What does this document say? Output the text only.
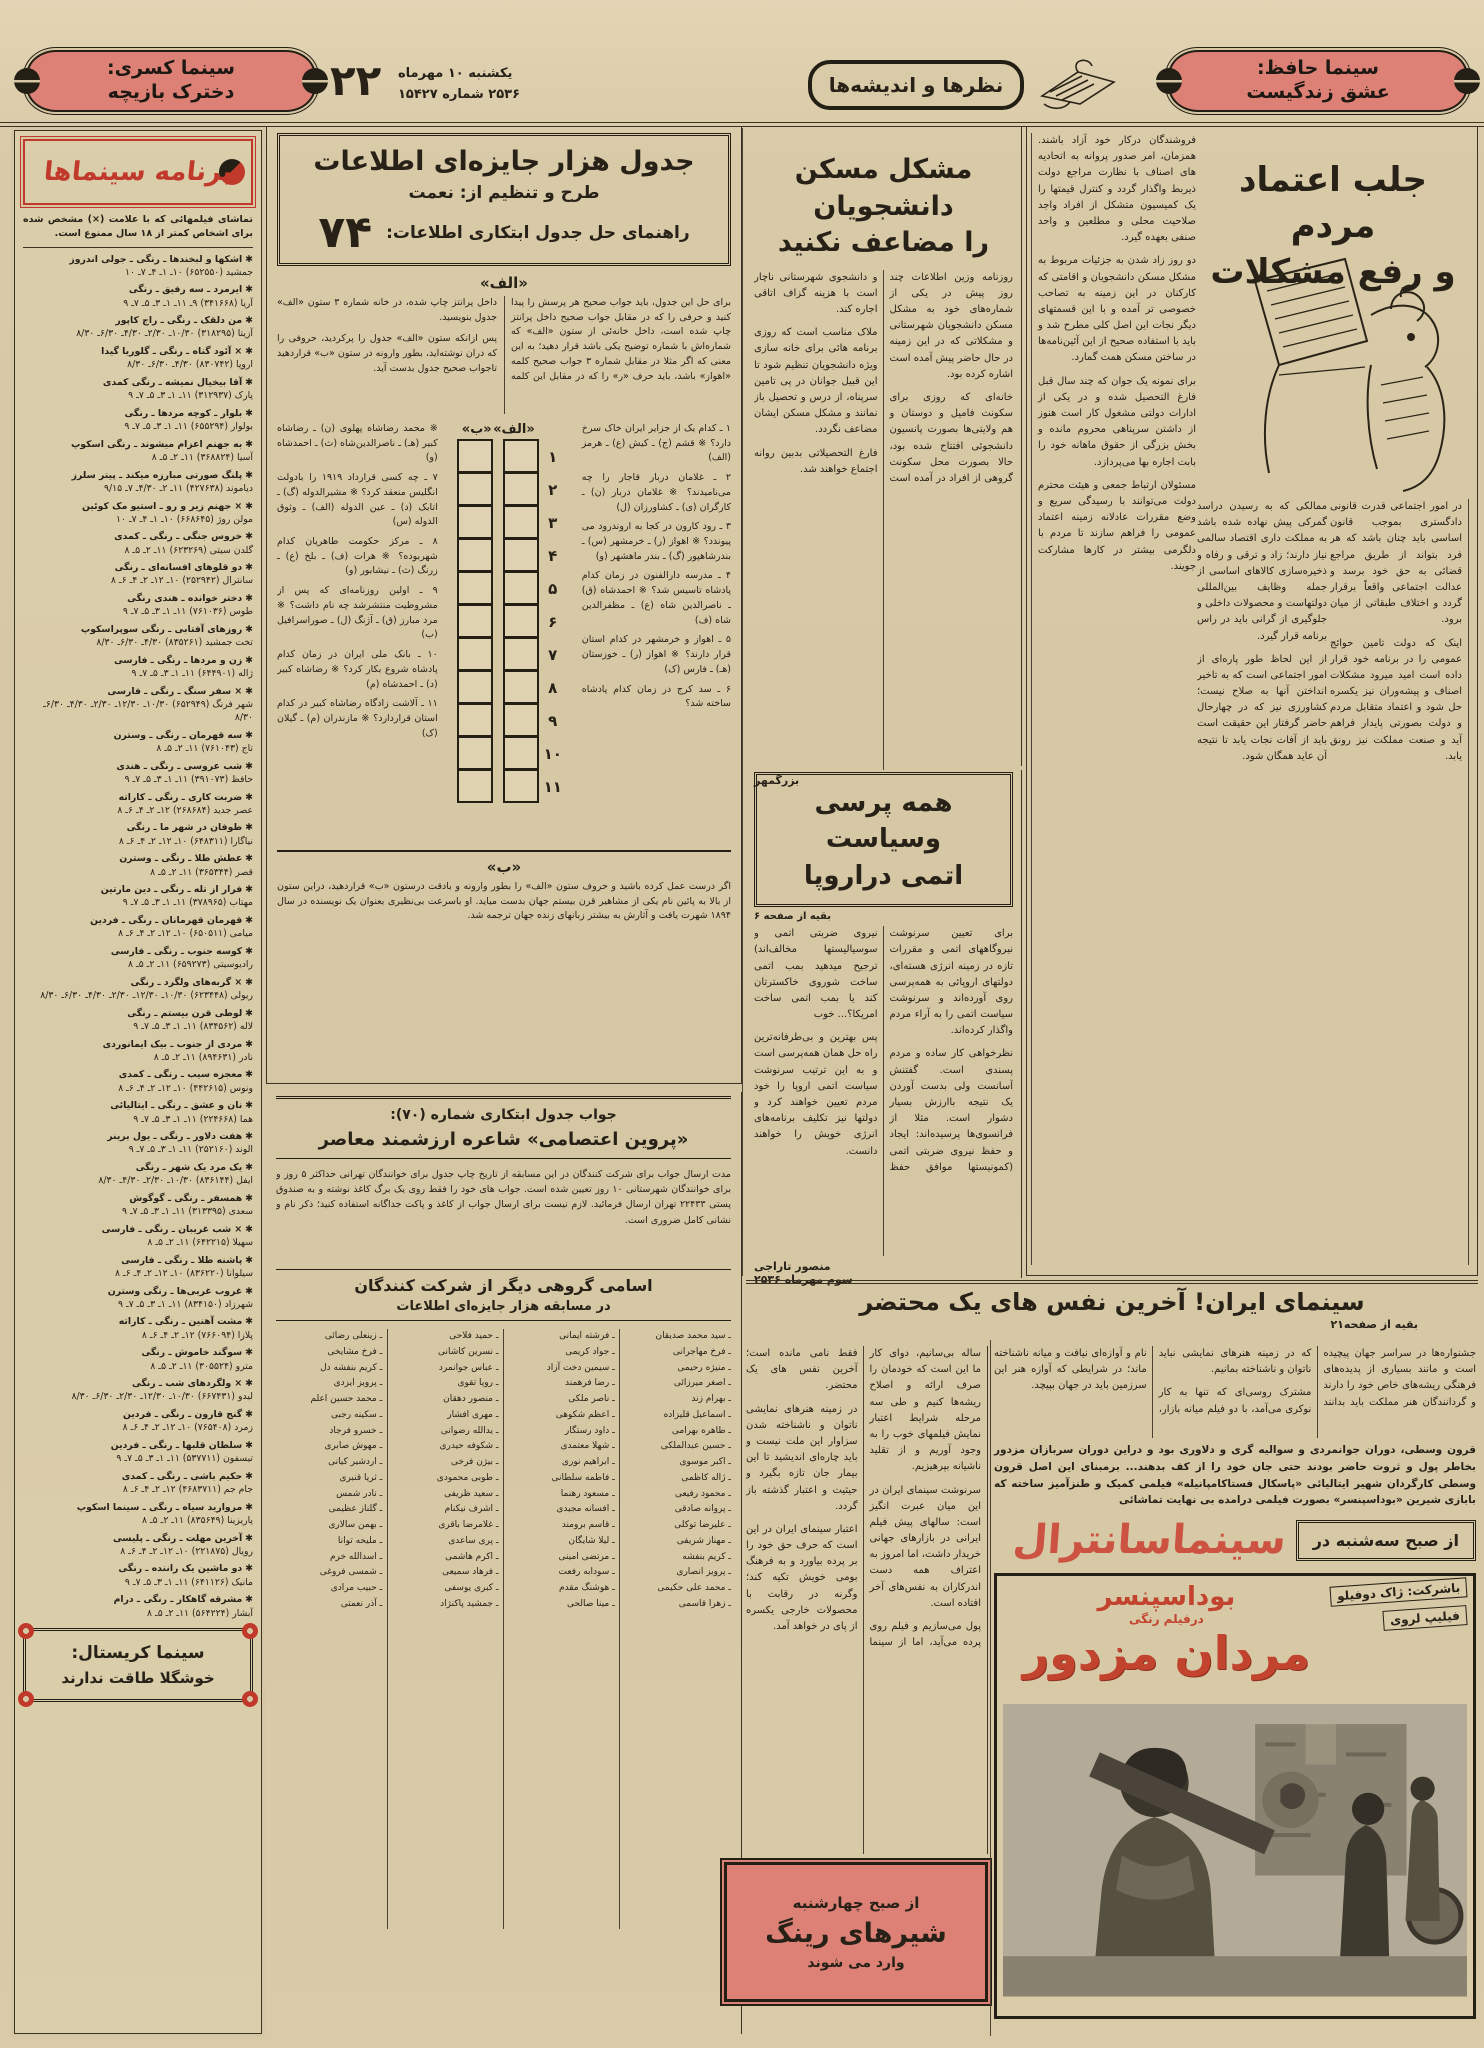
سینما حافظ:
عشق زندگیست
نظرها و اندیشه‌ها
یکشنبه ۱۰ مهرماه
۲۵۳۶ شماره ۱۵۴۲۷
۲۲
سینما کسری:
دخترک بازیچه
برنامه سینماها
تماشای فیلمهائی که با علامت (×) مشخص شده برای اشخاص کمتر از ۱۸ سال ممنوع است.
✱اشکها و لبخندها ـ رنگی ـ جولی اندروز
جمشید (۶۵۲۵۵۰) ۱۰ـ ۱ـ ۴ـ ۷ـ ۱۰
✱ایرمرد ـ سه رفیق ـ رنگی
آریا (۳۴۱۶۶۸) ۹ـ ۱۱ـ ۱ـ ۳ـ ۵ـ ۷ـ ۹
✱من دلقک ـ رنگی ـ راج کاپور
آزیتا (۳۱۸۲۹۵) ۱۰/۳۰ـ ۲/۳۰ـ ۴/۳۰ـ ۶/۳۰ـ ۸/۳۰
✱× آئود گناه ـ رنگی ـ گلوریا گیدا
اروپا (۸۳۰۷۴۲) ۴/۳۰ـ ۶/۳۰ـ ۸/۳۰
✱آقا بیخیال نمیشه ـ رنگی کمدی
پارک (۳۱۲۹۳۷) ۱۱ـ ۱ـ ۳ـ ۵ـ ۷ـ ۹
✱بلوار ـ کوچه مردها ـ رنگی
بولوار (۶۵۵۲۹۴) ۱۱ـ ۱ـ ۳ـ ۵ـ ۷ـ ۹
✱به جهنم اعزام میشوند ـ رنگی اسکوپ
آسیا (۳۶۸۸۲۴) ۱۱ـ ۲ـ ۵ـ ۸
✱پلنگ صورتی مبارزه میکند ـ پیتر سلرز
دیاموند (۴۲۷۶۳۸) ۱۱ـ ۲ـ ۴/۳۰ـ ۷ـ ۹/۱۵
✱× جهنم زیر و رو ـ استیو مک کوئین
مولن روژ (۶۶۸۶۴۵) ۱۰ـ ۱ـ ۴ـ ۷ـ ۱۰
✱خروس جنگی ـ رنگی ـ کمدی
گلدن سیتی (۶۲۳۲۶۹) ۱۱ـ ۲ـ ۵ـ ۸
✱دو قلوهای افسانه‌ای ـ رنگی
سانترال (۲۵۲۹۴۲) ۱۰ـ ۱۲ـ ۲ـ ۴ـ ۶ـ ۸
✱دختر خوانده ـ هندی رنگی
طوس (۷۶۱۰۳۶) ۱۱ـ ۱ـ ۳ـ ۵ـ ۷ـ ۹
✱روزهای آفتابی ـ رنگی سوپراسکوپ
تخت جمشید (۸۳۵۲۶۱) ۴/۳۰ـ ۶/۳۰ـ ۸/۳۰
✱زن و مردها ـ رنگی ـ فارسی
ژاله (۶۴۴۹۰۱) ۱۱ـ ۱ـ ۳ـ ۵ـ ۷ـ ۹
✱× سفر سنگ ـ رنگی ـ فارسی
شهر فرنگ (۶۵۲۹۴۹) ۱۰/۳۰ـ ۱۲/۳۰ـ ۲/۳۰ـ ۴/۳۰ـ ۶/۳۰ـ ۸/۳۰
✱سه قهرمان ـ رنگی ـ وسترن
تاج (۷۶۱۰۴۳) ۱۱ـ ۲ـ ۵ـ ۸
✱شب عروسی ـ رنگی ـ هندی
حافظ (۳۹۱۰۷۳) ۱۱ـ ۱ـ ۳ـ ۵ـ ۷ـ ۹
✱ضربت کاری ـ رنگی ـ کاراته
عصر جدید (۲۶۸۶۸۴) ۱۲ـ ۲ـ ۴ـ ۶ـ ۸
✱طوفان در شهر ما ـ رنگی
نیاگارا (۶۴۸۳۱۱) ۱۰ـ ۱۲ـ ۲ـ ۴ـ ۶ـ ۸
✱عطش طلا ـ رنگی ـ وسترن
قصر (۳۶۵۳۴۴) ۱۱ـ ۲ـ ۵ـ ۸
✱فرار از تله ـ رنگی ـ دین مارتین
مهتاب (۳۷۸۹۶۵) ۱۱ـ ۱ـ ۳ـ ۵ـ ۷ـ ۹
✱قهرمان قهرمانان ـ رنگی ـ فردین
میامی (۶۵۰۵۱۱) ۱۰ـ ۱۲ـ ۲ـ ۴ـ ۶ـ ۸
✱کوسه جنوب ـ رنگی ـ فارسی
رادیوسیتی (۶۵۹۲۷۳) ۱۱ـ ۲ـ ۵ـ ۸
✱× گربه‌های ولگرد ـ رنگی
ریولی (۶۲۳۴۴۸) ۱۰/۳۰ـ ۱۲/۳۰ـ ۲/۳۰ـ ۴/۳۰ـ ۶/۳۰ـ ۸/۳۰
✱لوطی قرن بیستم ـ رنگی
لاله (۸۳۴۵۶۲) ۱۱ـ ۱ـ ۳ـ ۵ـ ۷ـ ۹
✱مردی از جنوب ـ بیک ایمانوردی
نادر (۸۹۴۶۳۱) ۱۱ـ ۲ـ ۵ـ ۸
✱معجزه سیب ـ رنگی ـ کمدی
ونوس (۴۴۲۶۱۵) ۱۰ـ ۱۲ـ ۲ـ ۴ـ ۶ـ ۸
✱نان و عشق ـ رنگی ـ ایتالیائی
هما (۲۲۴۶۶۸) ۱۱ـ ۱ـ ۳ـ ۵ـ ۷ـ ۹
✱هفت دلاور ـ رنگی ـ یول برینر
الوند (۲۵۲۱۶۰) ۱۱ـ ۱ـ ۳ـ ۵ـ ۷ـ ۹
✱یک مرد یک شهر ـ رنگی
ایفل (۸۳۶۱۴۴) ۱۰/۳۰ـ ۲/۳۰ـ ۴/۳۰ـ ۸/۳۰
✱همسفر ـ رنگی ـ گوگوش
سعدی (۳۱۳۳۹۵) ۱۱ـ ۱ـ ۳ـ ۵ـ ۷ـ ۹
✱× شب غریبان ـ رنگی ـ فارسی
سهیلا (۶۴۲۲۱۵) ۱۱ـ ۲ـ ۵ـ ۸
✱پاشنه طلا ـ رنگی ـ فارسی
سیلوانا (۸۳۶۲۲۰) ۱۰ـ ۱۲ـ ۲ـ ۴ـ ۶ـ ۸
✱غروب غربی‌ها ـ رنگی وسترن
شهرزاد (۸۳۴۱۵۰) ۱۱ـ ۱ـ ۳ـ ۵ـ ۷ـ ۹
✱مشت آهنین ـ رنگی ـ کاراته
پلازا (۷۶۶۰۹۴) ۱۲ـ ۲ـ ۴ـ ۶ـ ۸
✱سوگند خاموش ـ رنگی
مترو (۳۰۵۵۲۴) ۱۱ـ ۲ـ ۵ـ ۸
✱× ولگردهای شب ـ رنگی
لیدو (۶۶۷۴۳۱) ۱۰/۳۰ـ ۱۲/۳۰ـ ۲/۳۰ـ ۶/۳۰ـ ۸/۳۰
✱گنج قارون ـ رنگی ـ فردین
زمرد (۷۶۵۴۰۸) ۱۰ـ ۱۲ـ ۲ـ ۴ـ ۶ـ ۸
✱سلطان قلبها ـ رنگی ـ فردین
تیسفون (۵۳۷۷۱۱) ۱۱ـ ۱ـ ۳ـ ۵ـ ۷ـ ۹
✱حکیم باشی ـ رنگی ـ کمدی
جام جم (۴۶۸۳۷۱۱) ۱۲ـ ۲ـ ۴ـ ۶ـ ۸
✱مروارید سیاه ـ رنگی ـ سینما اسکوپ
پاریزینا (۸۳۵۶۴۹) ۱۱ـ ۲ـ ۵ـ ۸
✱آخرین مهلت ـ رنگی ـ پلیسی
رویال (۲۲۱۸۷۵) ۱۰ـ ۱۲ـ ۲ـ ۴ـ ۶ـ ۸
✱دو ماشین یک راننده ـ رنگی
مانیک (۶۴۱۱۲۶) ۱۱ـ ۱ـ ۳ـ ۵ـ ۷ـ ۹
✱مشرقه گاهکار ـ رنگی ـ درام
آبشار (۵۶۴۲۲۴) ۱۱ـ ۲ـ ۵ـ ۸
سینما کریستال:
خوشگلا طاقت ندارند
جدول هزار جایزه‌ای اطلاعات
طرح و تنظیم از: نعمت
راهنمای حل جدول ابتکاری اطلاعات:
۷۴
«الف»

برای حل این جدول، باید جواب صحیح هر پرسش را پیدا کنید و حرفی را که در مقابل جواب صحیح داخل پرانتز چاپ شده است، داخل خانه‌ئی از ستون «الف» که شماره‌اش با شماره توضیح یکی باشد قرار دهید؛ به این معنی که اگر مثلا در مقابل شماره ۳ جواب صحیح کلمه «اهواز» باشد، باید حرف «ر» را که در مقابل این کلمه داخل پرانتز چاپ شده، در خانه شماره ۳ ستون «الف» جدول بنویسید.

پس ازانکه ستون «الف» جدول را پرکردید، حروفی را که دران نوشته‌اید، بطور وارونه در ستون «ب» قراردهید تاجواب صحیح جدول بدست آید.

۱ ـ کدام یک از جزایر ایران خاک سرخ دارد؟ ※ قشم (ج) ـ کیش (ع) ـ هرمز (الف)
۲ ـ غلامان دربار قاجار را چه می‌نامیدند؟ ※ غلامان دربار (ن) ـ کارگران (ی) ـ کشاورزان (ل)
۳ ـ رود کارون در کجا به اروندرود می پیوندد؟ ※ اهواز (ر) ـ خرمشهر (س) ـ بندرشاهپور (گ) ـ بندر ماهشهر (و)
۴ ـ مدرسه دارالفنون در زمان کدام پادشاه تاسیس شد؟ ※ احمدشاه (ق) ـ ناصرالدین شاه (ع) ـ مظفرالدین شاه (ف)
۵ ـ اهواز و خرمشهر در کدام استان قرار دارند؟ ※ اهواز (ر) ـ خوزستان (هـ) ـ فارس (ک)
۶ ـ سد کرج در زمان کدام پادشاه ساخته شد؟
«الف»
«ب»
۱
۲
۳
۴
۵
۶
۷
۸
۹
۱۰
۱۱
※ محمد رضاشاه پهلوی (ن) ـ رضاشاه کبیر (هـ) ـ ناصرالدین‌شاه (ث) ـ احمدشاه (و)
۷ ـ چه کسی قرارداد ۱۹۱۹ را بادولت انگلیس منعقد کرد؟ ※ مشیرالدوله (گ) ـ اتابک (د) ـ عین الدوله (الف) ـ وثوق الدوله (س)
۸ ـ مرکز حکومت طاهریان کدام شهربوده؟ ※ هرات (ف) ـ بلخ (ع) ـ زرنگ (ث) ـ نیشابور (و)
۹ ـ اولین روزنامه‌ای که پس از مشروطیت منتشرشد چه نام داشت؟ ※ مرد مبارز (ق) ـ آژنگ (ل) ـ صوراسرافیل (ب)
۱۰ ـ بانک ملی ایران در زمان کدام پادشاه شروع بکار کرد؟ ※ رضاشاه کبیر (د) ـ احمدشاه (م)
۱۱ ـ آلاشت زادگاه رضاشاه کبیر در کدام استان قراردارد؟ ※ مازندران (م) ـ گیلان (ک)
«ب»

اگر درست عمل کرده باشید و حروف ستون «الف» را بطور وارونه و بادقت درستون «ب» قراردهید، دراین ستون از بالا به پائین نام یکی از مشاهیر قرن بیستم جهان بدست میاید. او باسرعت بی‌نظیری بعنوان یک نویسنده در سال ۱۸۹۴ شهرت یافت و آثارش به بیشتر زبانهای زنده جهان ترجمه شد.

جواب جدول ابتکاری شماره (۷۰):
«پروین اعتصامی» شاعره ارزشمند معاصر
مدت ارسال جواب برای شرکت کنندگان در این مسابقه از تاریخ چاپ جدول برای خوانندگان تهرانی حداکثر ۵ روز و برای خوانندگان شهرستانی ۱۰ روز تعیین شده است. جواب های خود را فقط روی یک برگ کاغذ نوشته و به صندوق پستی ۲۲۴۳۳ تهران ارسال فرمائید. لازم نیست برای ارسال جواب از کاغذ و پاکت جداگانه استفاده کنید؛ ذکر نام و نشانی کامل ضروری است.
اسامی گروهی دیگر از شرکت کنندگان
در مسابقه هزار جایزه‌ای اطلاعات
ـ سید محمد صدیقان
ـ فرخ مهاجرانی
ـ منیژه رحیمی
ـ اصغر میرزائی
ـ بهرام زند
ـ اسماعیل قلیزاده
ـ طاهره بهرامی
ـ حسین عبدالملکی
ـ اکبر موسوی
ـ ژاله کاظمی
ـ محمود رفیعی
ـ پروانه صادقی
ـ علیرضا توکلی
ـ مهناز شریفی
ـ کریم بنفشه
ـ پرویز انصاری
ـ محمد علی حکیمی
ـ زهرا قاسمی
ـ فرشته ایمانی
ـ جواد کریمی
ـ سیمین دخت آزاد
ـ رضا فرهمند
ـ ناصر ملکی
ـ اعظم شکوهی
ـ داود رستگار
ـ شهلا معتمدی
ـ ابراهیم نوری
ـ فاطمه سلطانی
ـ مسعود رهنما
ـ افسانه مجیدی
ـ قاسم برومند
ـ لیلا شایگان
ـ مرتضی امینی
ـ سودابه رفعت
ـ هوشنگ مقدم
ـ مینا صالحی
ـ حمید فلاحی
ـ نسرین کاشانی
ـ عباس جوانمرد
ـ رویا تقوی
ـ منصور دهقان
ـ مهری افشار
ـ یدالله رضوانی
ـ شکوفه حیدری
ـ بیژن فرخی
ـ طوبی محمودی
ـ سعید ظریفی
ـ اشرف نیکنام
ـ غلامرضا باقری
ـ پری ساعدی
ـ اکرم هاشمی
ـ فرهاد سمیعی
ـ کبری یوسفی
ـ جمشید پاکنژاد
ـ زینعلی رضائی
ـ فرخ مشایخی
ـ کریم بنفشه دل
ـ پرویز ایزدی
ـ محمد حسین اعلم
ـ سکینه رجبی
ـ خسرو فرجاد
ـ مهوش صابری
ـ اردشیر کیانی
ـ ثریا قنبری
ـ نادر شمس
ـ گلناز عظیمی
ـ بهمن سالاری
ـ ملیحه توانا
ـ اسدالله خرم
ـ شمسی فروغی
ـ حبیب مرادی
ـ آذر نعمتی
مشکل مسکن دانشجویان
را مضاعف نکنید

روزنامه وزین اطلاعات چند روز پیش در یکی از شماره‌های خود به مشکل مسکن دانشجویان شهرستانی و مشکلاتی که در این زمینه در حال حاضر پیش آمده است اشاره کرده بود.

خانه‌ای که روزی برای سکونت فامیل و دوستان و هم ولایتی‌ها بصورت پانسیون دانشجوئی افتتاح شده بود، حالا بصورت محل سکونت گروهی از افراد در آمده است و دانشجوی شهرستانی ناچار است با هزینه گزاف اتاقی اجاره کند.

ملاک مناسب است که روزی برنامه هائی برای خانه سازی ویژه دانشجویان تنظیم شود تا این قبیل جوانان در پی تامین سرپناه، از درس و تحصیل باز نمانند و مشکل مسکن ایشان مضاعف نگردد.

فارغ التحصیلاتی بدبین روانه اجتماع خواهند شد.

بزرگمهر
همه پرسی وسیاست
اتمی دراروپا
بقیه از صفحه ۶

برای تعیین سرنوشت نیروگاههای اتمی و مقررات تازه در زمینه انرژی هسته‌ای، دولتهای اروپائی به همه‌پرسی روی آورده‌اند و سرنوشت سیاست اتمی را به آراء مردم واگذار کرده‌اند.

نظرخواهی کار ساده و مردم پسندی است. گفتنش آسانست ولی بدست آوردن یک نتیجه باارزش بسیار دشوار است. مثلا از فرانسوی‌ها پرسیده‌اند: ایجاد و حفظ نیروی ضربتی اتمی (کمونیستها موافق حفظ نیروی ضربتی اتمی و سوسیالیستها مخالف‌اند) ترجیح میدهید بمب اتمی ساخت شوروی خاکسترتان کند یا بمب اتمی ساخت امریکا؟... خوب

پس بهترین و بی‌طرفانه‌ترین راه حل همان همه‌پرسی است و به این ترتیب سرنوشت سیاست اتمی اروپا را خود مردم تعیین خواهند کرد و دولتها نیز تکلیف برنامه‌های انرژی خویش را خواهند دانست.

منصور تاراجی
سوم مهرماه ۲۵۳۶
جلب اعتماد مردم
و رفع مشکلات

فروشندگان درکار خود آزاد باشند. همزمان، امر صدور پروانه به اتحادیه های اصناف با نظارت مراجع دولت ذیربط واگذار گردد و کنترل قیمتها را یک کمیسیون متشکل از افراد واجد صلاحیت محلی و مطلعین و واحد صنفی بعهده گیرد.

دو روز زاد شدن به جزئیات مربوط به مشکل مسکن دانشجویان و اقامتی که کارکنان در این زمینه به تصاحب خصوصی تر آمده و با این قسمتهای دیگر نجات این اصل کلی مطرح شد و باید با استفاده صحیح از این آئین‌نامه‌ها در ساختن مسکن همت گمارد.

برای نمونه یک جوان که چند سال قبل فارغ التحصیل شده و در یکی از ادارات دولتی مشغول کار است هنوز از داشتن سرپناهی محروم مانده و بخش بزرگی از حقوق ماهانه خود را بابت اجاره بها می‌پردازد.

مسئولان ارتباط جمعی و هیئت محترم دولت می‌توانند با رسیدگی سریع و وضع مقررات عادلانه زمینه اعتماد عمومی را فراهم سازند تا مردم با دلگرمی بیشتر در کارها مشارکت جویند.

ممالکی که به رسیدن دراسد گمرکی پیش نهاده شده باشد به مملکت داری اقتصاد سالمی نیاز دارند؛ زاد و ترقی و رفاه و ذخیره‌سازی کالاهای اساسی از جمله وظایف بین‌المللی دولتهاست و محصولات داخلی و جلوگیری از گرانی باید در راس برنامه قرار گیرد.

از این لحاظ طور پاره‌ای از امور اجتماعی است که به تاخیر انداختن آنها به صلاح نیست؛ کشاورزی نیز که در چهارحال حاضر گرفتار این حقیقت است باید از آفات نجات یابد تا نتیجه آن عاید همگان شود.

در امور اجتماعی قدرت قانونی دادگستری بموجب قانون اساسی باید چنان باشد که هر فرد بتواند از طریق مراجع قضائی به حق خود برسد و عدالت اجتماعی واقعاً برقرار گردد و اختلاف طبقاتی از میان برود.

اینک که دولت تامین حوائج عمومی را در برنامه خود قرار داده است امید میرود مشکلات اصناف و پیشه‌وران نیز یکسره حل شود و اعتماد متقابل مردم و دولت بصورتی پایدار فراهم آید و صنعت مملکت نیز رونق یابد.

سینمای ایران! آخرین نفس های یک محتضر
بقیه از صفحه۲۱

جشنواره‌ها در سراسر جهان پیچیده است و مانند بسیاری از پدیده‌های فرهنگی ریشه‌های خاص خود را دارند و گردانندگان هنر مملکت باید بدانند که در زمینه هنرهای نمایشی نباید ناتوان و ناشناخته بمانیم.

مشترک روسی‌ای که تنها به کار نوکری می‌آمد، با دو فیلم میانه بازار، نام و آوازه‌ای نیافت و میانه ناشناخته ماند؛ در شرایطی که آوازه هنر این سرزمین باید در جهان بپیچد.

ساله بی‌سانیم، دوای کار ما این است که خودمان را صرف ارائه و اصلاح ریشه‌ها کنیم و طی سه مرحله شرایط اعتبار نمایش فیلمهای خوب را به وجود آوریم و از تقلید ناشیانه بپرهیزیم.

سرنوشت سینمای ایران در این میان عبرت انگیز است: سالهای پیش فیلم ایرانی در بازارهای جهانی خریدار داشت، اما امروز به اعتراف همه دست اندرکاران به نفس‌های آخر افتاده است.

پول می‌سازیم و فیلم روی پرده می‌آید، اما از سینما فقط نامی مانده است؛ آخرین نفس های یک محتضر.

در زمینه هنرهای نمایشی ناتوان و ناشناخته شدن سزاوار این ملت نیست و باید چاره‌ای اندیشید تا این بیمار جان تازه بگیرد و حیثیت و اعتبار گذشته باز گردد.

اعتبار سینمای ایران در این است که حرف حق خود را بر پرده بیاورد و به فرهنگ بومی خویش تکیه کند؛ وگرنه در رقابت با محصولات خارجی یکسره از پای در خواهد آمد.

قرون وسطی، دوران جوانمردی و سوالیه گری و دلاوری بود و دراین دوران سربازان مزدور بخاطر پول و ثروت حاضر بودند حتی جان خود را از کف بدهند... برمبنای این اصل قرون وسطی کارگردان شهیر ایتالیائی «پاسکال فستاکامپانیله» فیلمی کمیک و طنزآمیز ساخته که بابازی شیرین «بوداسپنسر» بصورت فیلمی درامده بی نهایت تماشائی

از صبح سه‌شنبه در
سینماسانترال
باشرکت: ژاک دوفیلو
فیلیپ لروی
بوداسپنسر
درفیلم رنگی
مردان مزدور
از صبح چهارشنبه
شیرهای رینگ
وارد می شوند
